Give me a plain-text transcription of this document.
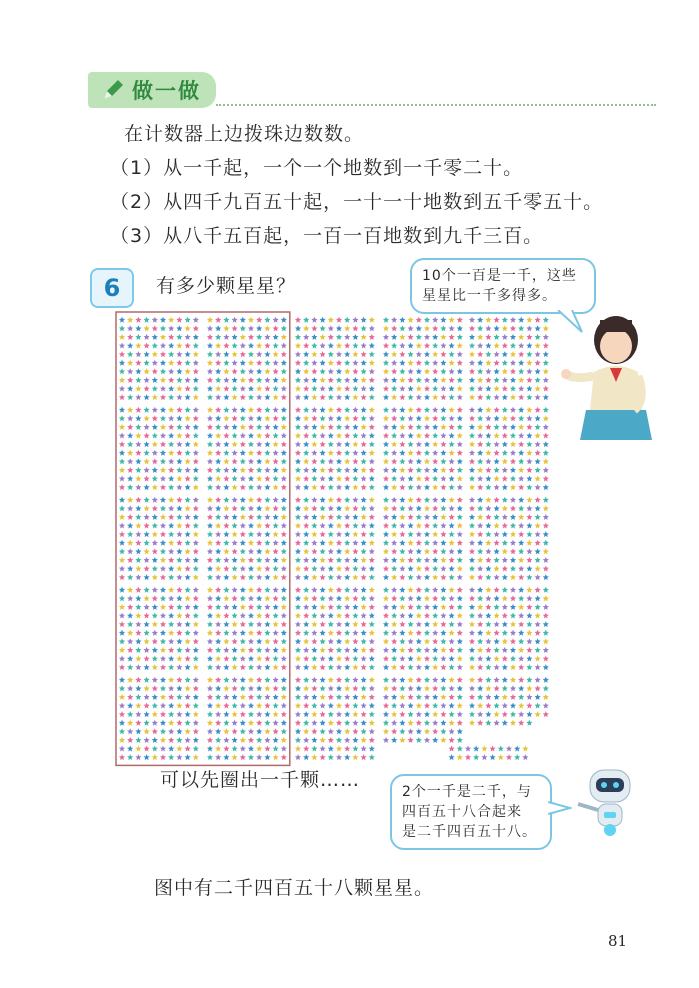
做一做
在计数器上边拨珠边数数。
（1）从一千起，一个一个地数到一千零二十。
（2）从四千九百五十起，一十一十地数到五千零五十。
（3）从八千五百起，一百一百地数到九千三百。
6	有多少颗星星？	10个一百是一千，这些
星星比一千多得多。
可以先圈出一千颗……
2个一千是二千，与
四百五十八合起来
是二千四百五十八。
图中有二千四百五十八颗星星。
81
